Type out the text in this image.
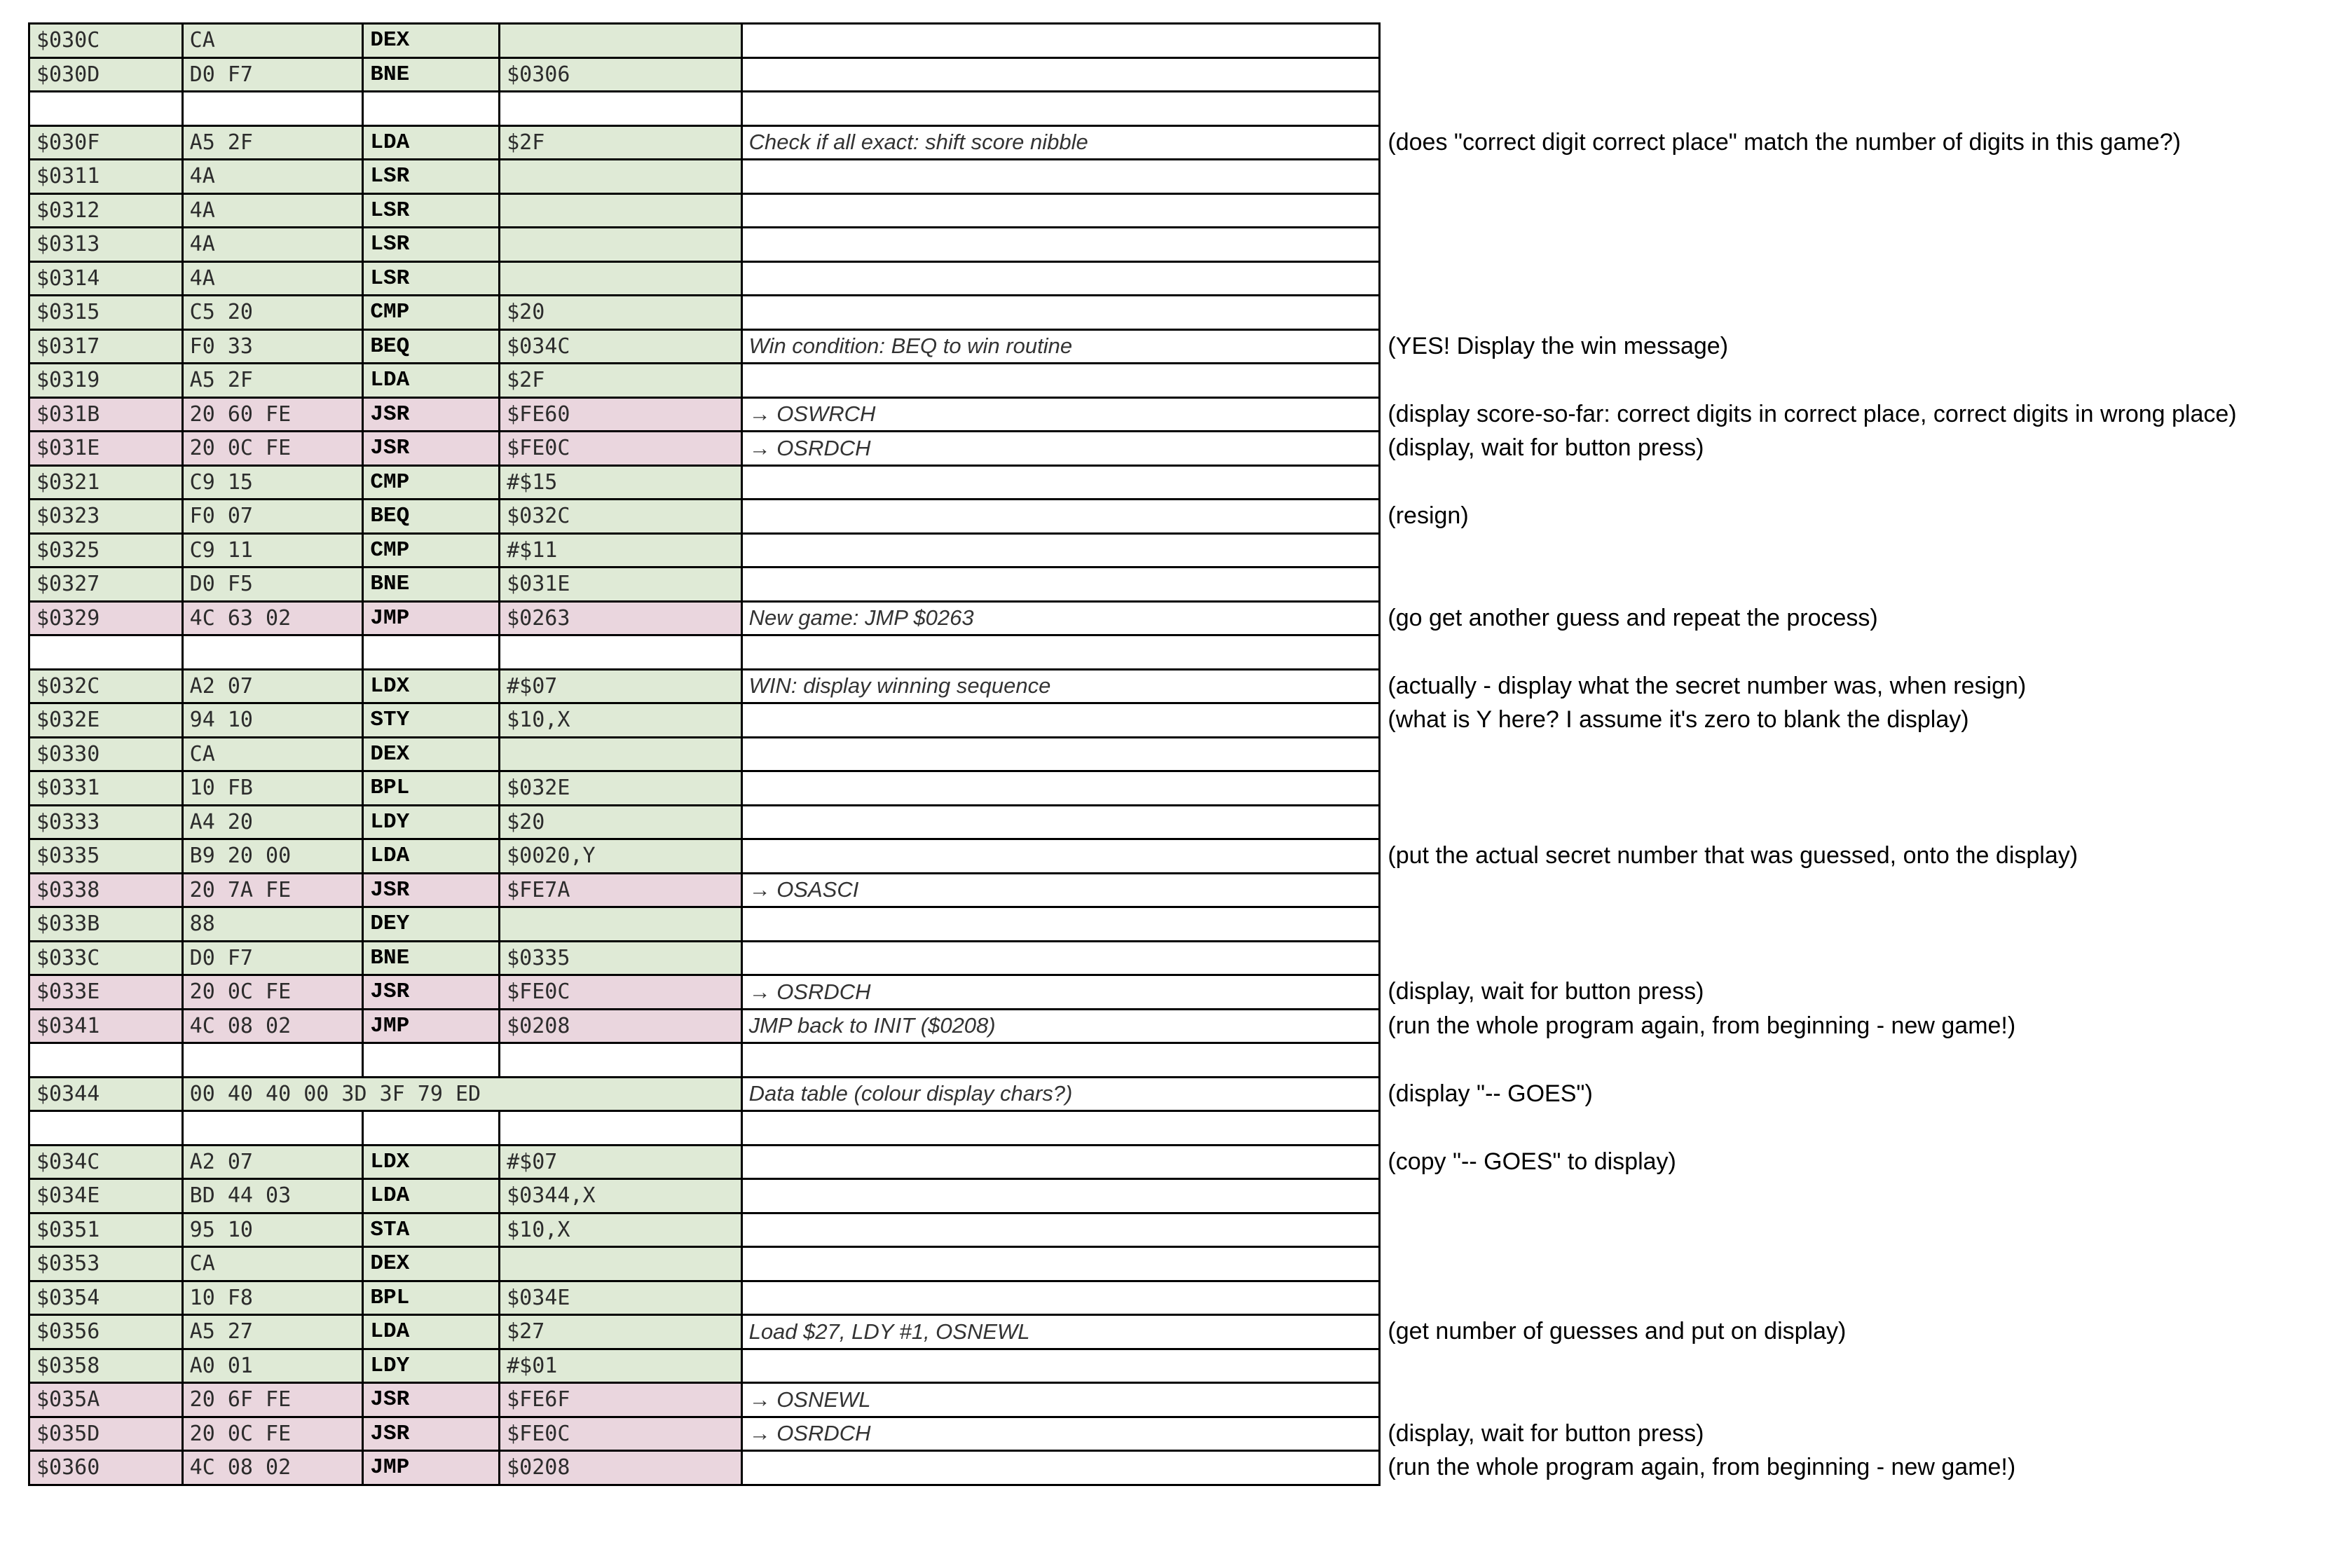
$030C	CA	DEX			
$030D	D0 F7	BNE	$0306		

$030F	A5 2F	LDA	$2F	Check if all exact: shift score nibble	(does "correct digit correct place" match the number of digits in this game?)
$0311	4A	LSR			
$0312	4A	LSR			
$0313	4A	LSR			
$0314	4A	LSR			
$0315	C5 20	CMP	$20		
$0317	F0 33	BEQ	$034C	Win condition: BEQ to win routine	(YES! Display the win message)
$0319	A5 2F	LDA	$2F		
$031B	20 60 FE	JSR	$FE60	→ OSWRCH	(display score-so-far: correct digits in correct place, correct digits in wrong place)
$031E	20 0C FE	JSR	$FE0C	→ OSRDCH	(display, wait for button press)
$0321	C9 15	CMP	#$15		
$0323	F0 07	BEQ	$032C		(resign)
$0325	C9 11	CMP	#$11		
$0327	D0 F5	BNE	$031E		
$0329	4C 63 02	JMP	$0263	New game: JMP $0263	(go get another guess and repeat the process)

$032C	A2 07	LDX	#$07	WIN: display winning sequence	(actually - display what the secret number was, when resign)
$032E	94 10	STY	$10,X		(what is Y here? I assume it's zero to blank the display)
$0330	CA	DEX			
$0331	10 FB	BPL	$032E		
$0333	A4 20	LDY	$20		
$0335	B9 20 00	LDA	$0020,Y		(put the actual secret number that was guessed, onto the display)
$0338	20 7A FE	JSR	$FE7A	→ OSASCI	
$033B	88	DEY			
$033C	D0 F7	BNE	$0335		
$033E	20 0C FE	JSR	$FE0C	→ OSRDCH	(display, wait for button press)
$0341	4C 08 02	JMP	$0208	JMP back to INIT ($0208)	(run the whole program again, from beginning - new game!)

$0344	00 40 40 00 3D 3F 79 ED			Data table (colour display chars?)	(display "-- GOES")

$034C	A2 07	LDX	#$07		(copy "-- GOES" to display)
$034E	BD 44 03	LDA	$0344,X		
$0351	95 10	STA	$10,X		
$0353	CA	DEX			
$0354	10 F8	BPL	$034E		
$0356	A5 27	LDA	$27	Load $27, LDY #1, OSNEWL	(get number of guesses and put on display)
$0358	A0 01	LDY	#$01		
$035A	20 6F FE	JSR	$FE6F	→ OSNEWL	
$035D	20 0C FE	JSR	$FE0C	→ OSRDCH	(display, wait for button press)
$0360	4C 08 02	JMP	$0208		(run the whole program again, from beginning - new game!)
